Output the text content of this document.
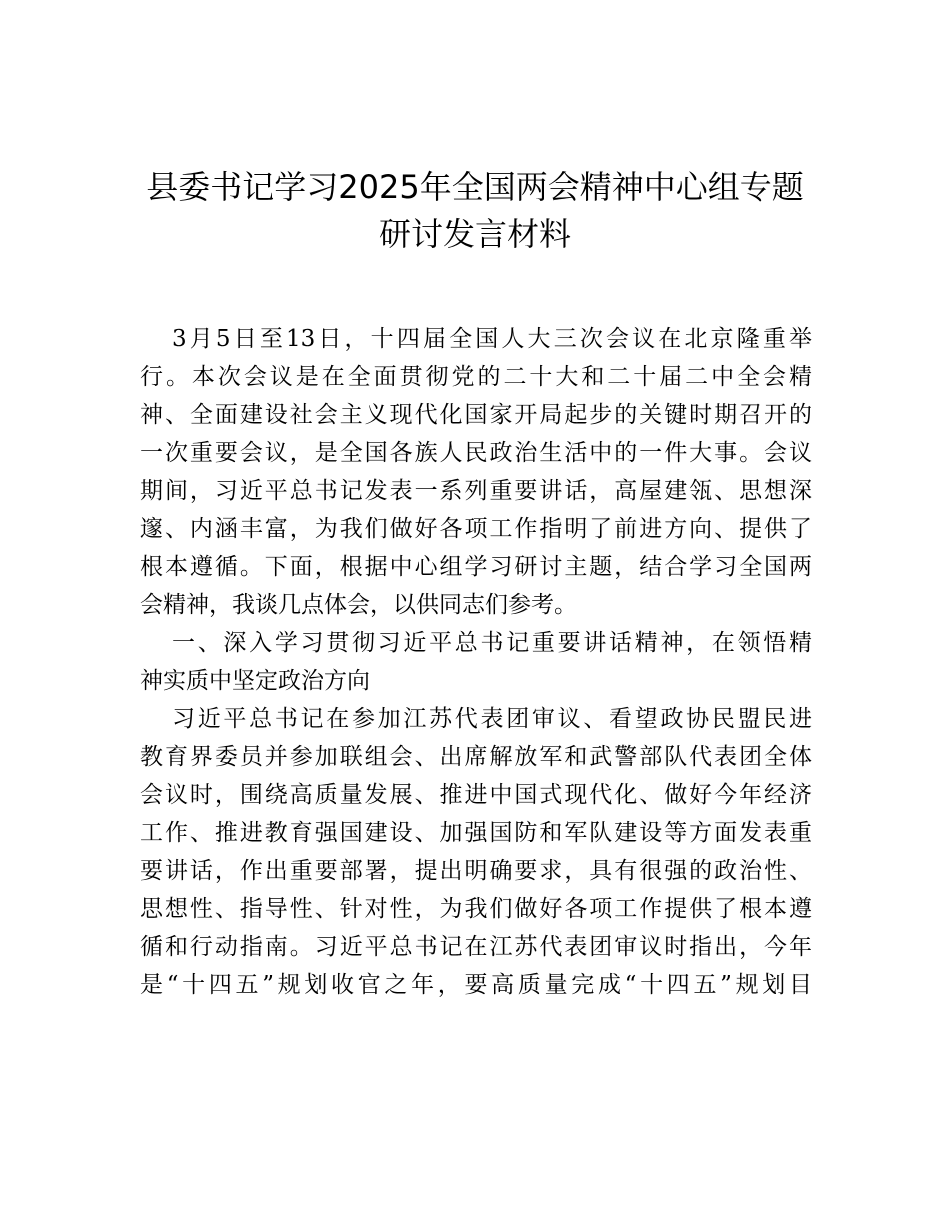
县委书记学习2025年全国两会精神中心组专题
研讨发言材料
3月5日至13日，十四届全国人大三次会议在北京隆重举
行。本次会议是在全面贯彻党的二十大和二十届二中全会精
神、全面建设社会主义现代化国家开局起步的关键时期召开的
一次重要会议，是全国各族人民政治生活中的一件大事。会议
期间，习近平总书记发表一系列重要讲话，高屋建瓴、思想深
邃、内涵丰富，为我们做好各项工作指明了前进方向、提供了
根本遵循。下面，根据中心组学习研讨主题，结合学习全国两
会精神，我谈几点体会，以供同志们参考。
一、深入学习贯彻习近平总书记重要讲话精神，在领悟精
神实质中坚定政治方向
习近平总书记在参加江苏代表团审议、看望政协民盟民进
教育界委员并参加联组会、出席解放军和武警部队代表团全体
会议时，围绕高质量发展、推进中国式现代化、做好今年经济
工作、推进教育强国建设、加强国防和军队建设等方面发表重
要讲话，作出重要部署，提出明确要求，具有很强的政治性、
思想性、指导性、针对性，为我们做好各项工作提供了根本遵
循和行动指南。习近平总书记在江苏代表团审议时指出，今年
是“十四五”规划收官之年，要高质量完成“十四五”规划目
